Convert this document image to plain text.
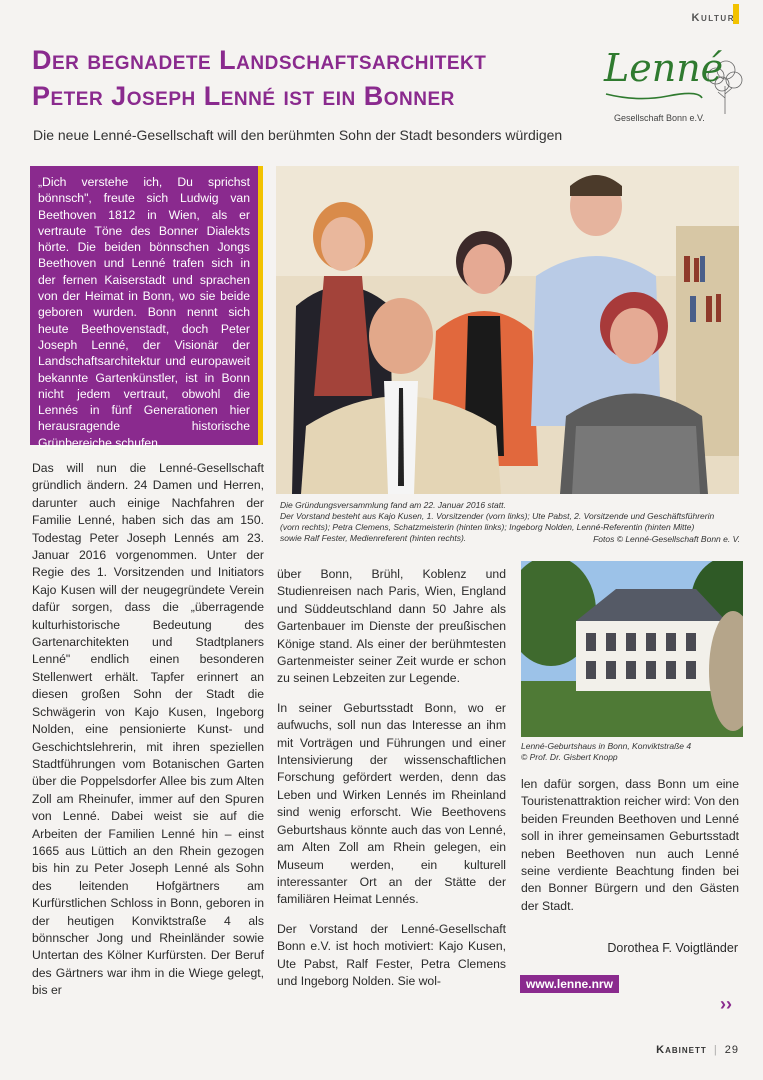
Kultur
Der begnadete Landschaftsarchitekt
Peter Joseph Lenné ist ein Bonner
Die neue Lenné-Gesellschaft will den berühmten Sohn der Stadt besonders würdigen
Lenné
Gesellschaft Bonn e.V.
„Dich verstehe ich, Du sprichst bönnsch", freute sich Ludwig van Beethoven 1812 in Wien, als er vertraute Töne des Bonner Dialekts hörte. Die beiden bönnschen Jongs Beethoven und Lenné trafen sich in der fernen Kaiserstadt und sprachen von der Heimat in Bonn, wo sie beide geboren wurden. Bonn nennt sich heute Beethovenstadt, doch Peter Joseph Lenné, der Visionär der Landschaftsarchitektur und europaweit bekannte Gartenkünstler, ist in Bonn nicht jedem vertraut, obwohl die Lennés in fünf Generationen hier herausragende historische Grünbereiche schufen.
Die Gründungsversammlung fand am 22. Januar 2016 statt.
Der Vorstand besteht aus Kajo Kusen, 1. Vorsitzender (vorn links); Ute Pabst, 2. Vorsitzende und Geschäftsführerin
(vorn rechts); Petra Clemens, Schatzmeisterin (hinten links); Ingeborg Nolden, Lenné-Referentin (hinten Mitte)
sowie Ralf Fester, Medienreferent (hinten rechts).	Fotos © Lenné-Gesellschaft Bonn e. V.

Das will nun die Lenné-Gesellschaft gründlich ändern. 24 Damen und Herren, darunter auch einige Nachfahren der Familie Lenné, haben sich das am 150. Todestag Peter Joseph Lennés am 23. Januar 2016 vorgenommen. Unter der Regie des 1. Vorsitzenden und Initiators Kajo Kusen will der neugegründete Verein dafür sorgen, dass die „überragende kulturhistorische Bedeutung des Gartenarchitekten und Stadtplaners Lenné" endlich einen besonderen Stellenwert erhält. Tapfer erinnert an diesen großen Sohn der Stadt die Schwägerin von Kajo Kusen, Ingeborg Nolden, eine pensionierte Kunst- und Geschichtslehrerin, mit ihren speziellen Stadtführungen vom Botanischen Garten über die Poppelsdorfer Allee bis zum Alten Zoll am Rheinufer, immer auf den Spuren von Lenné. Dabei weist sie auf die Arbeiten der Familien Lenné hin – einst 1665 aus Lüttich an den Rhein gezogen bis hin zu Peter Joseph Lenné als Sohn des leitenden Hofgärtners am Kurfürstlichen Schloss in Bonn, geboren in der heutigen Konviktstraße 4 als bönnscher Jong und Rheinländer sowie Untertan des Kölner Kurfürsten. Der Beruf des Gärtners war ihm in die Wiege gelegt, bis er

über Bonn, Brühl, Koblenz und Studienreisen nach Paris, Wien, England und Süddeutschland dann 50 Jahre als Gartenbauer im Dienste der preußischen Könige stand. Als einer der berühmtesten Gartenmeister seiner Zeit wurde er schon zu seinen Lebzeiten zur Legende.

In seiner Geburtsstadt Bonn, wo er aufwuchs, soll nun das Interesse an ihm mit Vorträgen und Führungen und einer Intensivierung der wissenschaftlichen Forschung gefördert werden, denn das Leben und Wirken Lennés im Rheinland sind wenig erforscht. Wie Beethovens Geburtshaus könnte auch das von Lenné, am Alten Zoll am Rhein gelegen, ein Museum werden, ein kulturell interessanter Ort an der Stätte der familiären Heimat Lennés.

Der Vorstand der Lenné-Gesellschaft Bonn e.V. ist hoch motiviert: Kajo Kusen, Ute Pabst, Ralf Fester, Petra Clemens und Ingeborg Nolden. Sie wol-

Lenné-Geburtshaus in Bonn, Konviktstraße 4
© Prof. Dr. Gisbert Knopp

len dafür sorgen, dass Bonn um eine Touristenattraktion reicher wird: Von den beiden Freunden Beethoven und Lenné soll in ihrer gemeinsamen Geburtsstadt neben Beethoven nun auch Lenné seine verdiente Beachtung finden bei den Bonner Bürgern und den Gästen der Stadt.

Dorothea F. Voigtländer
www.lenne.nrw
››
Kabinett | 29
